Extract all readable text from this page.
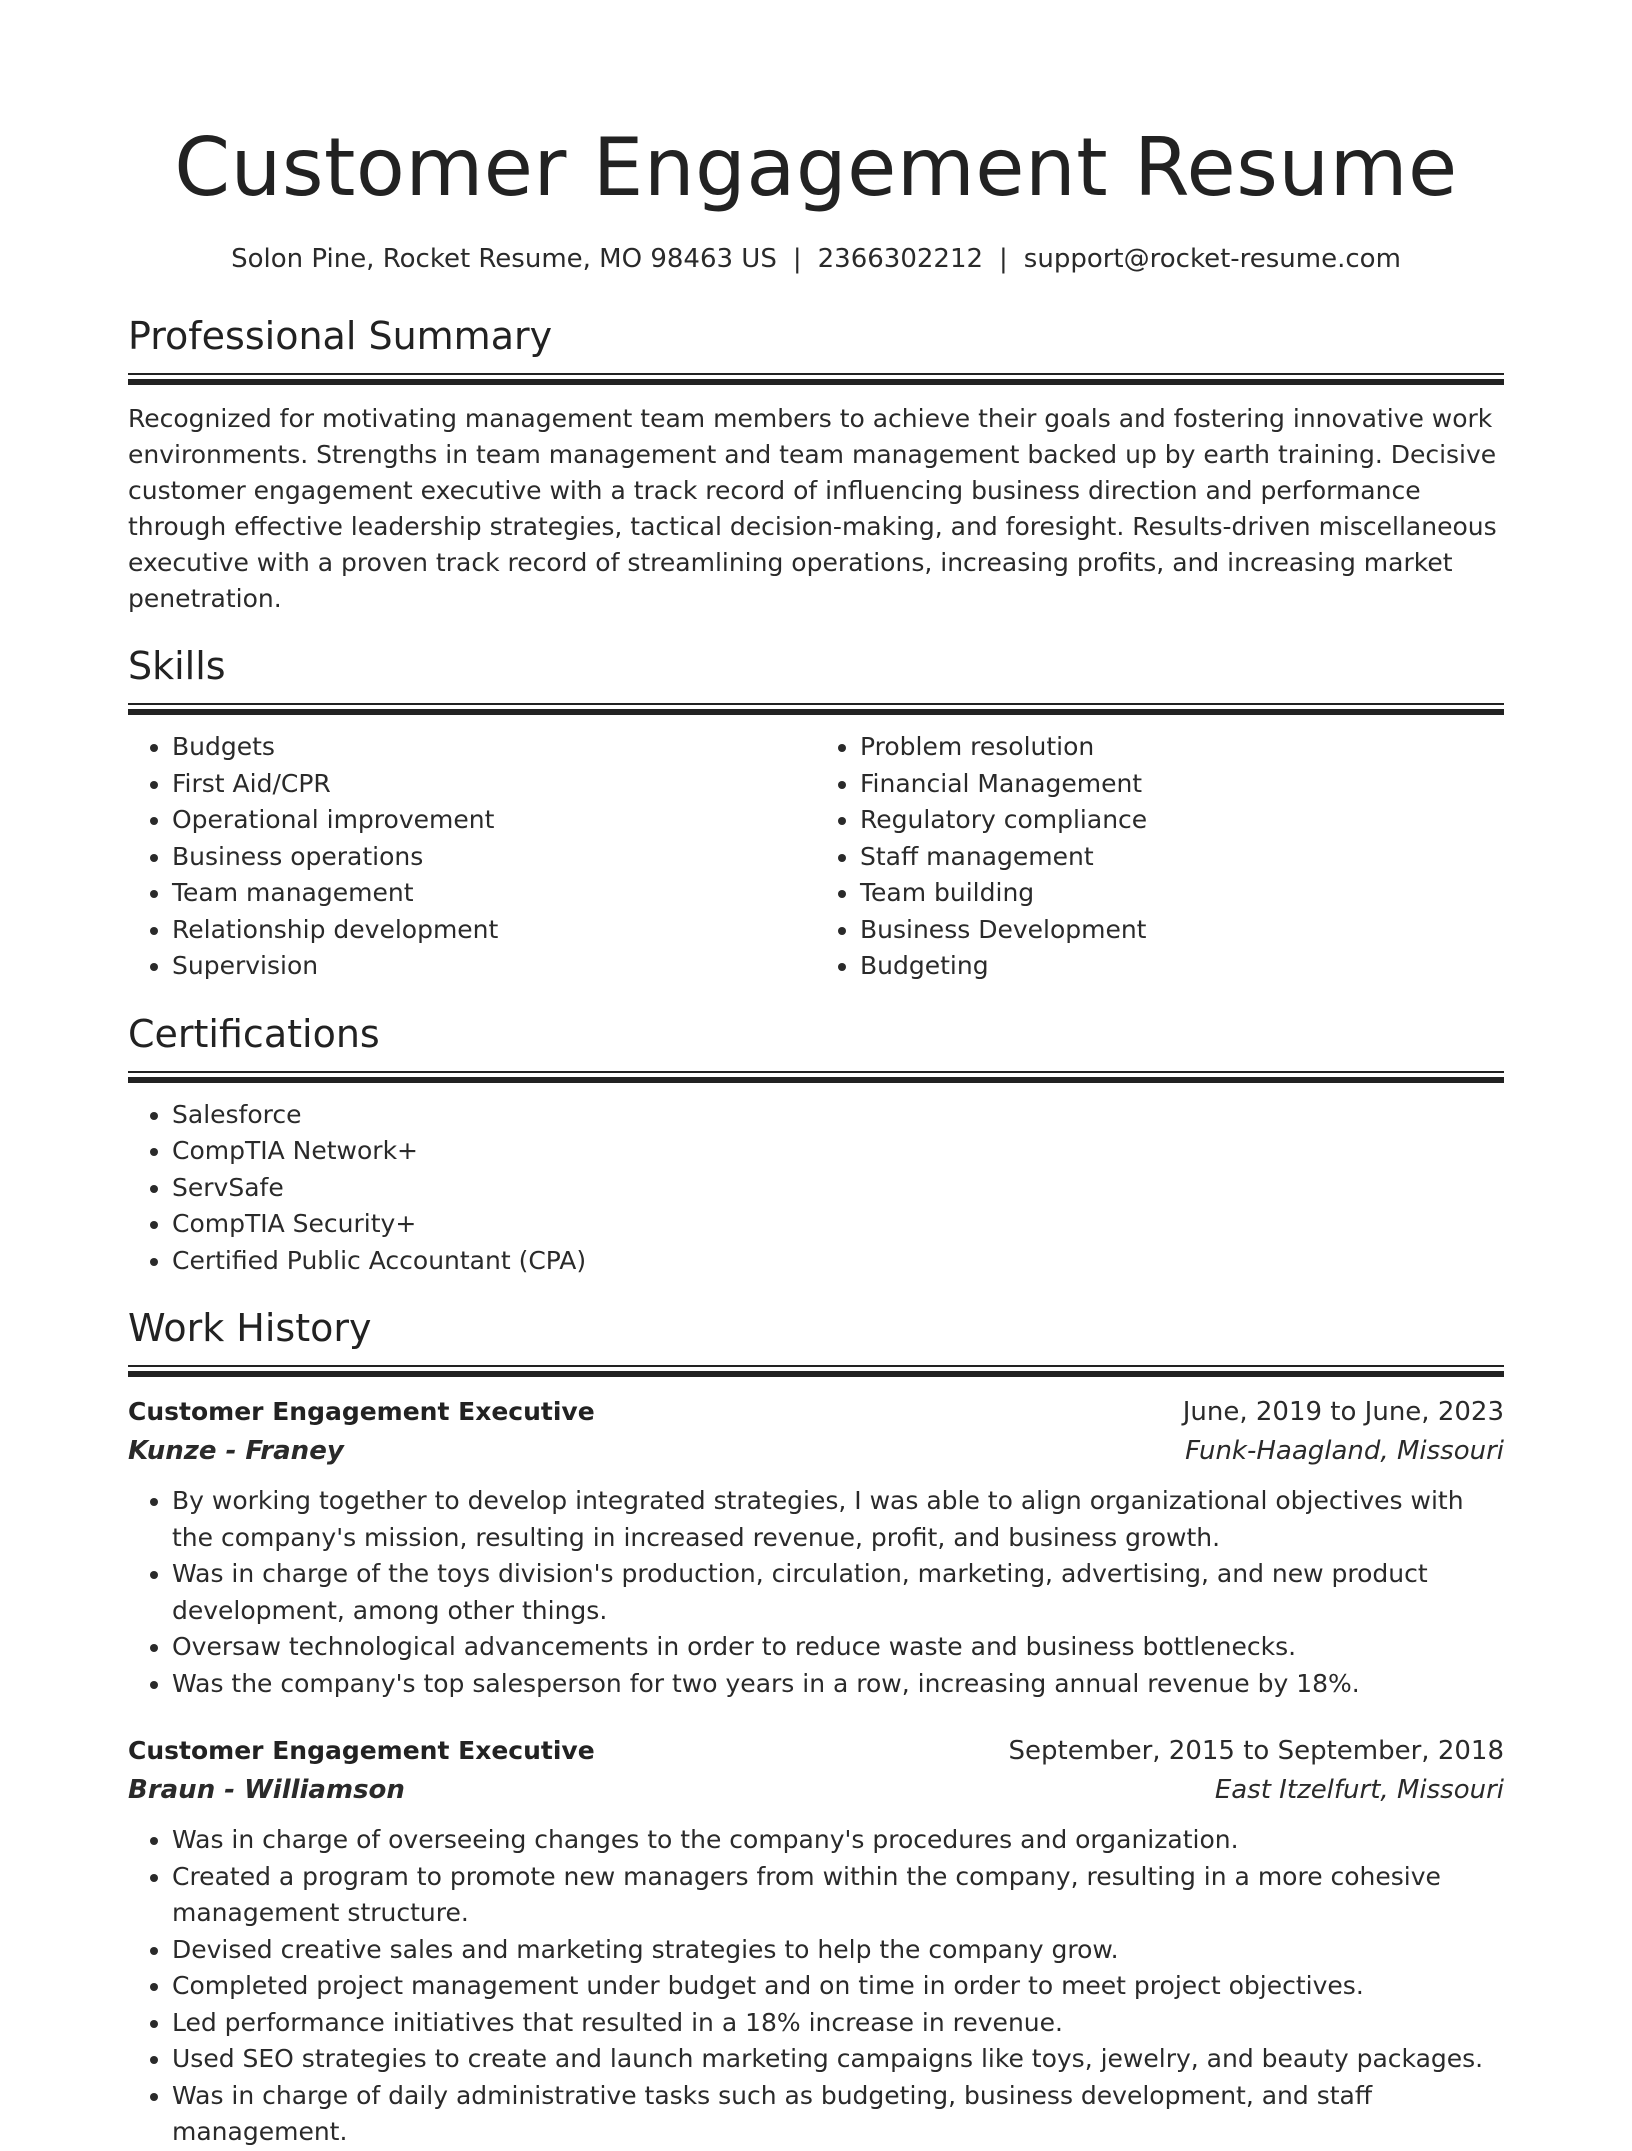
Customer Engagement Resume
Solon Pine, Rocket Resume, MO 98463 US | 2366302212 | support@rocket-resume.com
Professional Summary

Recognized for motivating management team members to achieve their goals and fostering innovative work environments. Strengths in team management and team management backed up by earth training. Decisive customer engagement executive with a track record of influencing business direction and performance through effective leadership strategies, tactical decision-making, and foresight. Results-driven miscellaneous executive with a proven track record of streamlining operations, increasing profits, and increasing market penetration.

Skills
• Budgets
• First Aid/CPR
• Operational improvement
• Business operations
• Team management
• Relationship development
• Supervision
• Problem resolution
• Financial Management
• Regulatory compliance
• Staff management
• Team building
• Business Development
• Budgeting
Certifications
• Salesforce
• CompTIA Network+
• ServSafe
• CompTIA Security+
• Certified Public Accountant (CPA)
Work History
Customer Engagement Executive	June, 2019 to June, 2023
Kunze - Franey	Funk-Haagland, Missouri
• By working together to develop integrated strategies, I was able to align organizational objectives with the company's mission, resulting in increased revenue, profit, and business growth.
• Was in charge of the toys division's production, circulation, marketing, advertising, and new product development, among other things.
• Oversaw technological advancements in order to reduce waste and business bottlenecks.
• Was the company's top salesperson for two years in a row, increasing annual revenue by 18%.
Customer Engagement Executive	September, 2015 to September, 2018
Braun - Williamson	East Itzelfurt, Missouri
• Was in charge of overseeing changes to the company's procedures and organization.
• Created a program to promote new managers from within the company, resulting in a more cohesive management structure.
• Devised creative sales and marketing strategies to help the company grow.
• Completed project management under budget and on time in order to meet project objectives.
• Led performance initiatives that resulted in a 18% increase in revenue.
• Used SEO strategies to create and launch marketing campaigns like toys, jewelry, and beauty packages.
• Was in charge of daily administrative tasks such as budgeting, business development, and staff management.
